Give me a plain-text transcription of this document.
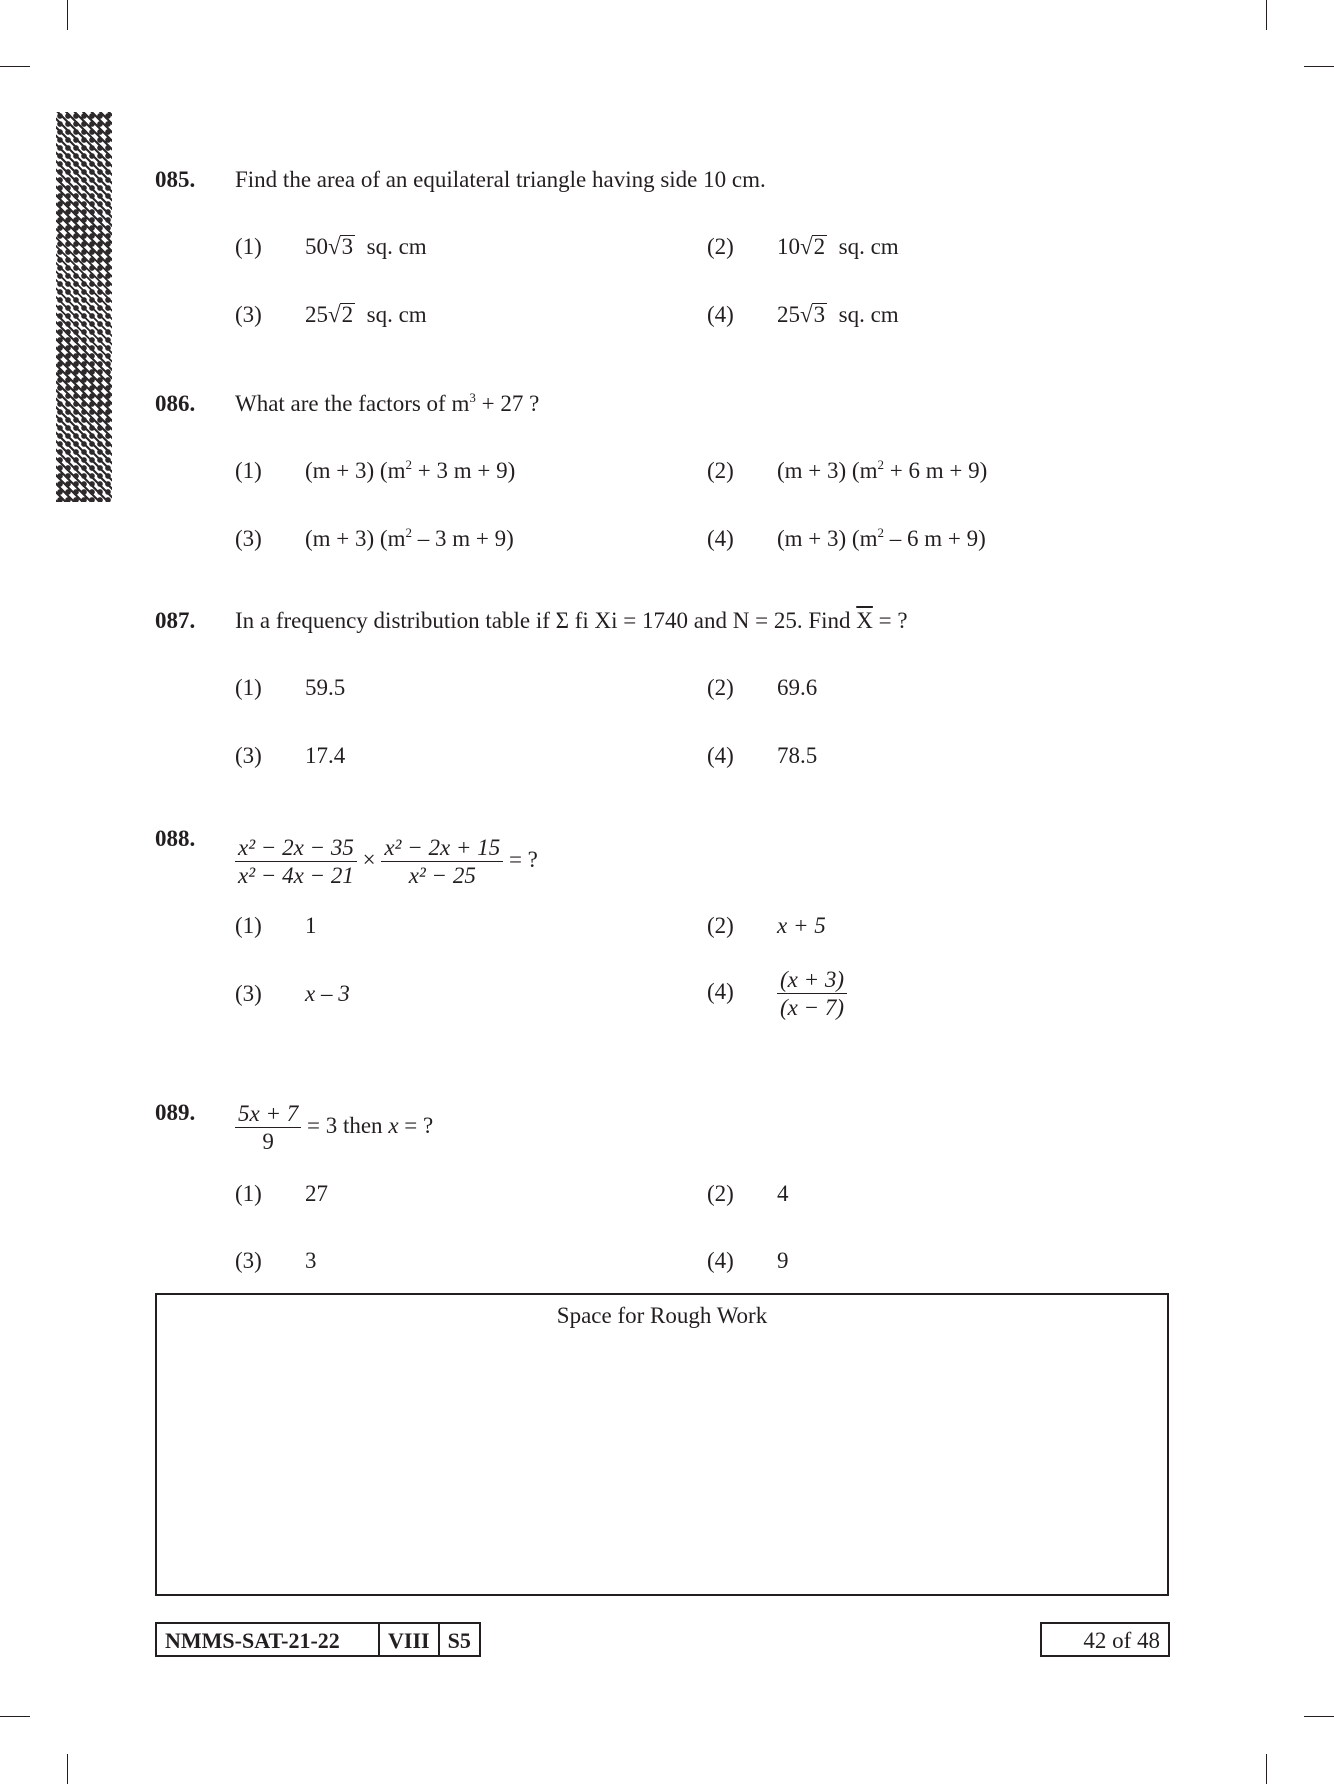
085. Find the area of an equilateral triangle having side 10 cm.
(1) 50√3 sq. cm	(2) 10√2 sq. cm
(3) 25√2 sq. cm	(4) 25√3 sq. cm
086. What are the factors of $m^3 + 27$ ?
(1) (m + 3) ($m^2 + 3$ m + 9)	(2) (m + 3) ($m^2 + 6$ m + 9)
(3) (m + 3) ($m^2 - 3$ m + 9)	(4) (m + 3) ($m^2 - 6$ m + 9)
087. In a frequency distribution table if Σ fi Xi = 1740 and N = 25. Find $\overline{X}$ = ?
(1) 59.5	(2) 69.6
(3) 17.4	(4) 78.5
088. $\frac{\text{x² − 2x − 35}}{\text{x² − 4x − 21}} \times \frac{\text{x² − 2x + 15}}{\text{x² − 25}}$ = ?
(1) 1	(2) x + 5
(3) x – 3	$(4) \frac{(x + 3)}{(x - 7)}$
089. $\frac{5x + 7}{9} = 3$ then x = ?
(1) 27	(2) 4
(3) 3	(4) 9
Space for Rough Work
NMMS-SAT-21-22	VIII S5	42 of 48
